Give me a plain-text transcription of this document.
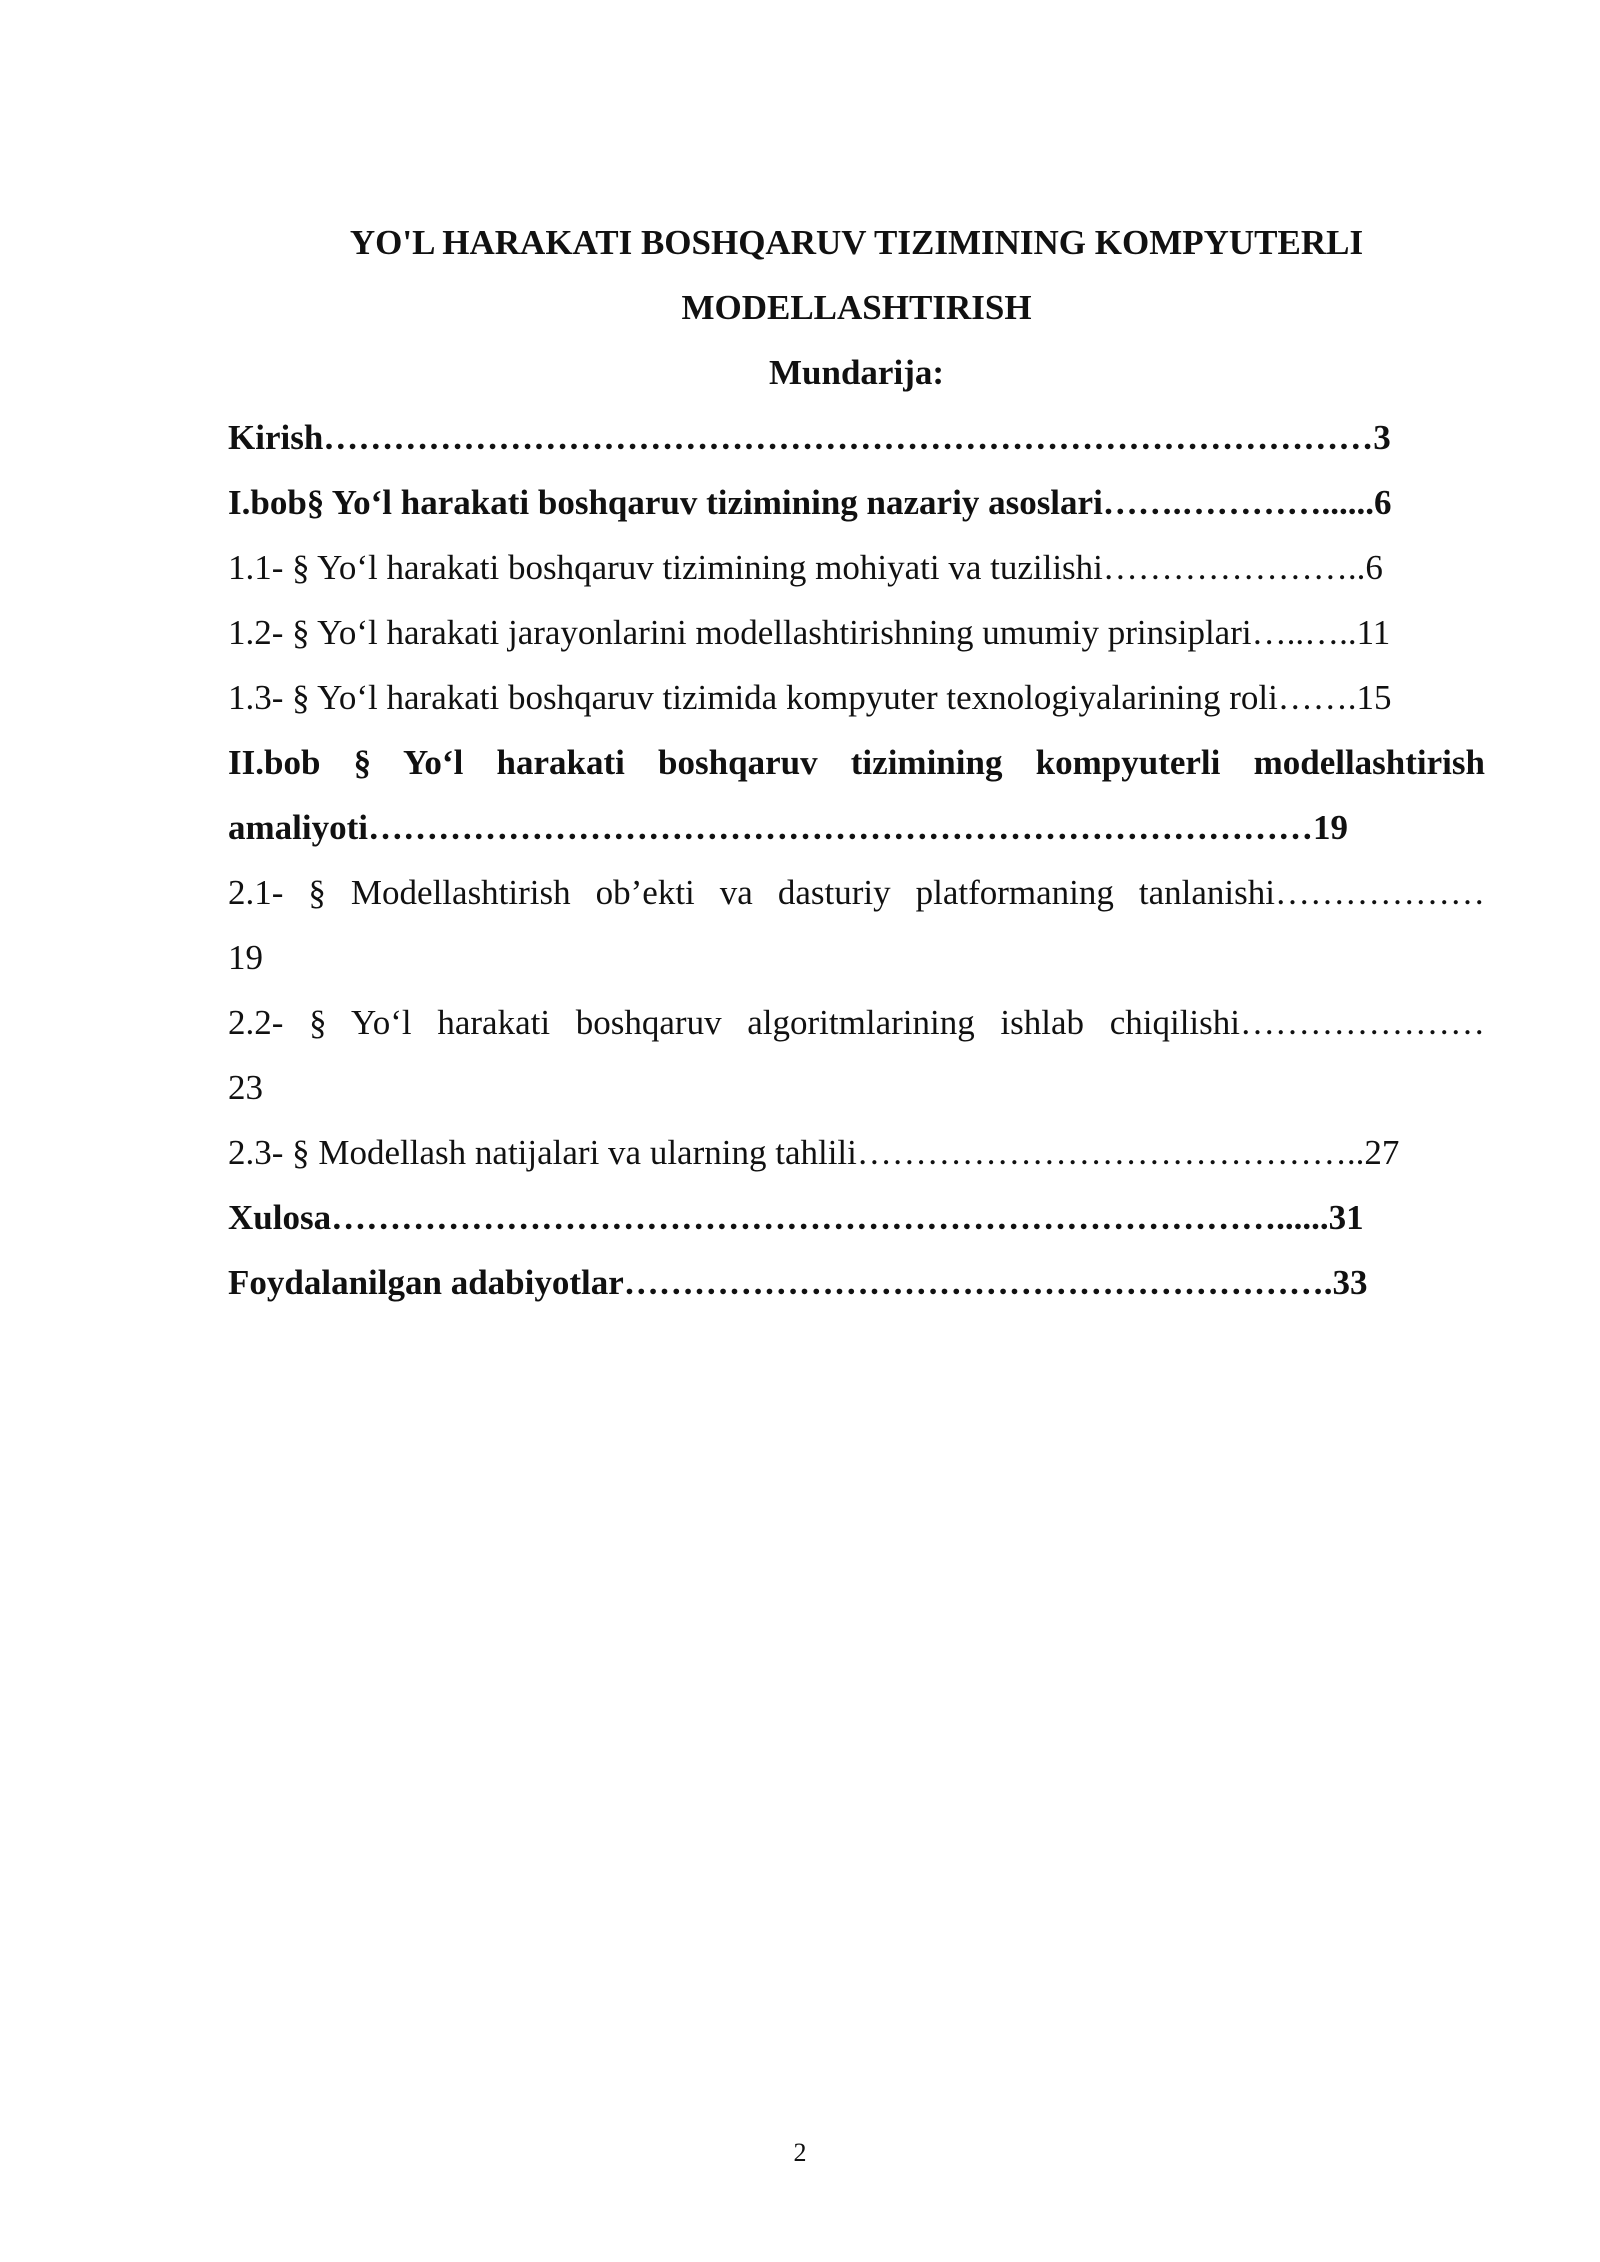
YO'L HARAKATI BOSHQARUV TIZIMINING KOMPYUTERLI
MODELLASHTIRISH
Mundarija:
Kirish………………………………………………………………………………3
I.bob§ Yo‘l harakati boshqaruv tizimining nazariy asoslari…….…………......6
1.1- § Yo‘l harakati boshqaruv tizimining mohiyati va tuzilishi…………………..6
1.2- § Yo‘l harakati jarayonlarini modellashtirishning umumiy prinsiplari…..…..11
1.3- § Yo‘l harakati boshqaruv tizimida kompyuter texnologiyalarining roli…….15
II.bob § Yo‘l harakati boshqaruv tizimining kompyuterli modellashtirish
amaliyoti………………………………………………………………………19
2.1- § Modellashtirish ob’ekti va dasturiy platformaning tanlanishi………………
19
2.2- § Yo‘l harakati boshqaruv algoritmlarining ishlab chiqilishi…………………
23
2.3- § Modellash natijalari va ularning tahlili……………………………………..27
Xulosa………………………………………………………………………......31
Foydalanilgan adabiyotlar…………………………………………………….33
2
